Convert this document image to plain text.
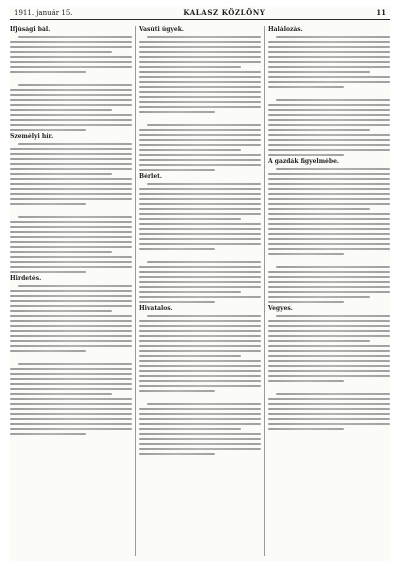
1911. január 15.	KALASZ KÖZLÖNY	11
Ifjúsági bál.
Személyi hír.
Hirdetés.
Vasúti ügyek.
Bérlet.
Hivatalos.
Halálozás.
A gazdák figyelmébe.
Vegyes.
